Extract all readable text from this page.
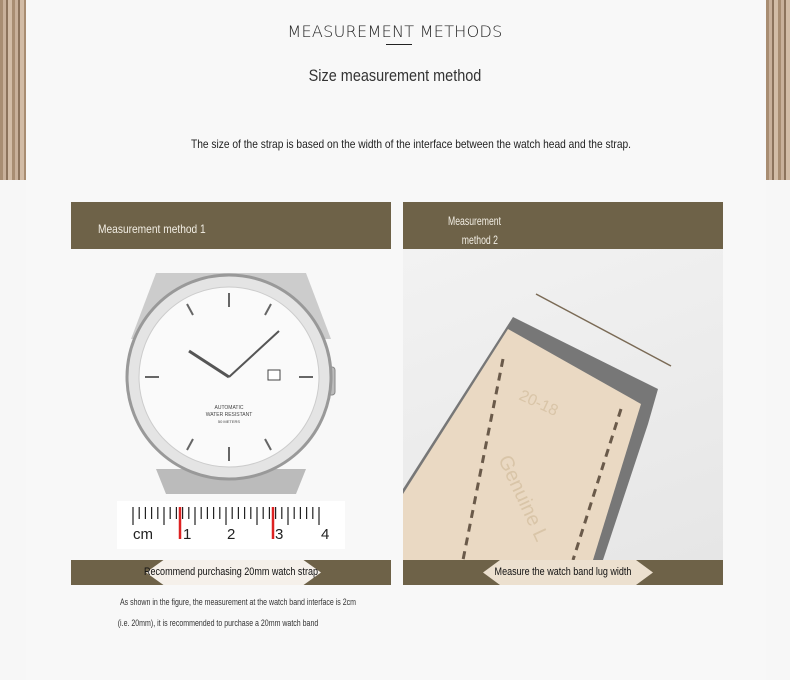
MEASUREMENT METHODS
Size measurement method
The size of the strap is based on the width of the interface between the watch head and the strap.
Measurement method 1
Measurement
method 2
AUTOMATIC
WATER RESISTANT
50 METERS
cm 1 2	3	4
20-18
Genuine L
Recommend purchasing 20mm watch strap	Measure the watch band lug width
As shown in the figure, the measurement at the watch band interface is 2cm
(i.e. 20mm), it is recommended to purchase a 20mm watch band
